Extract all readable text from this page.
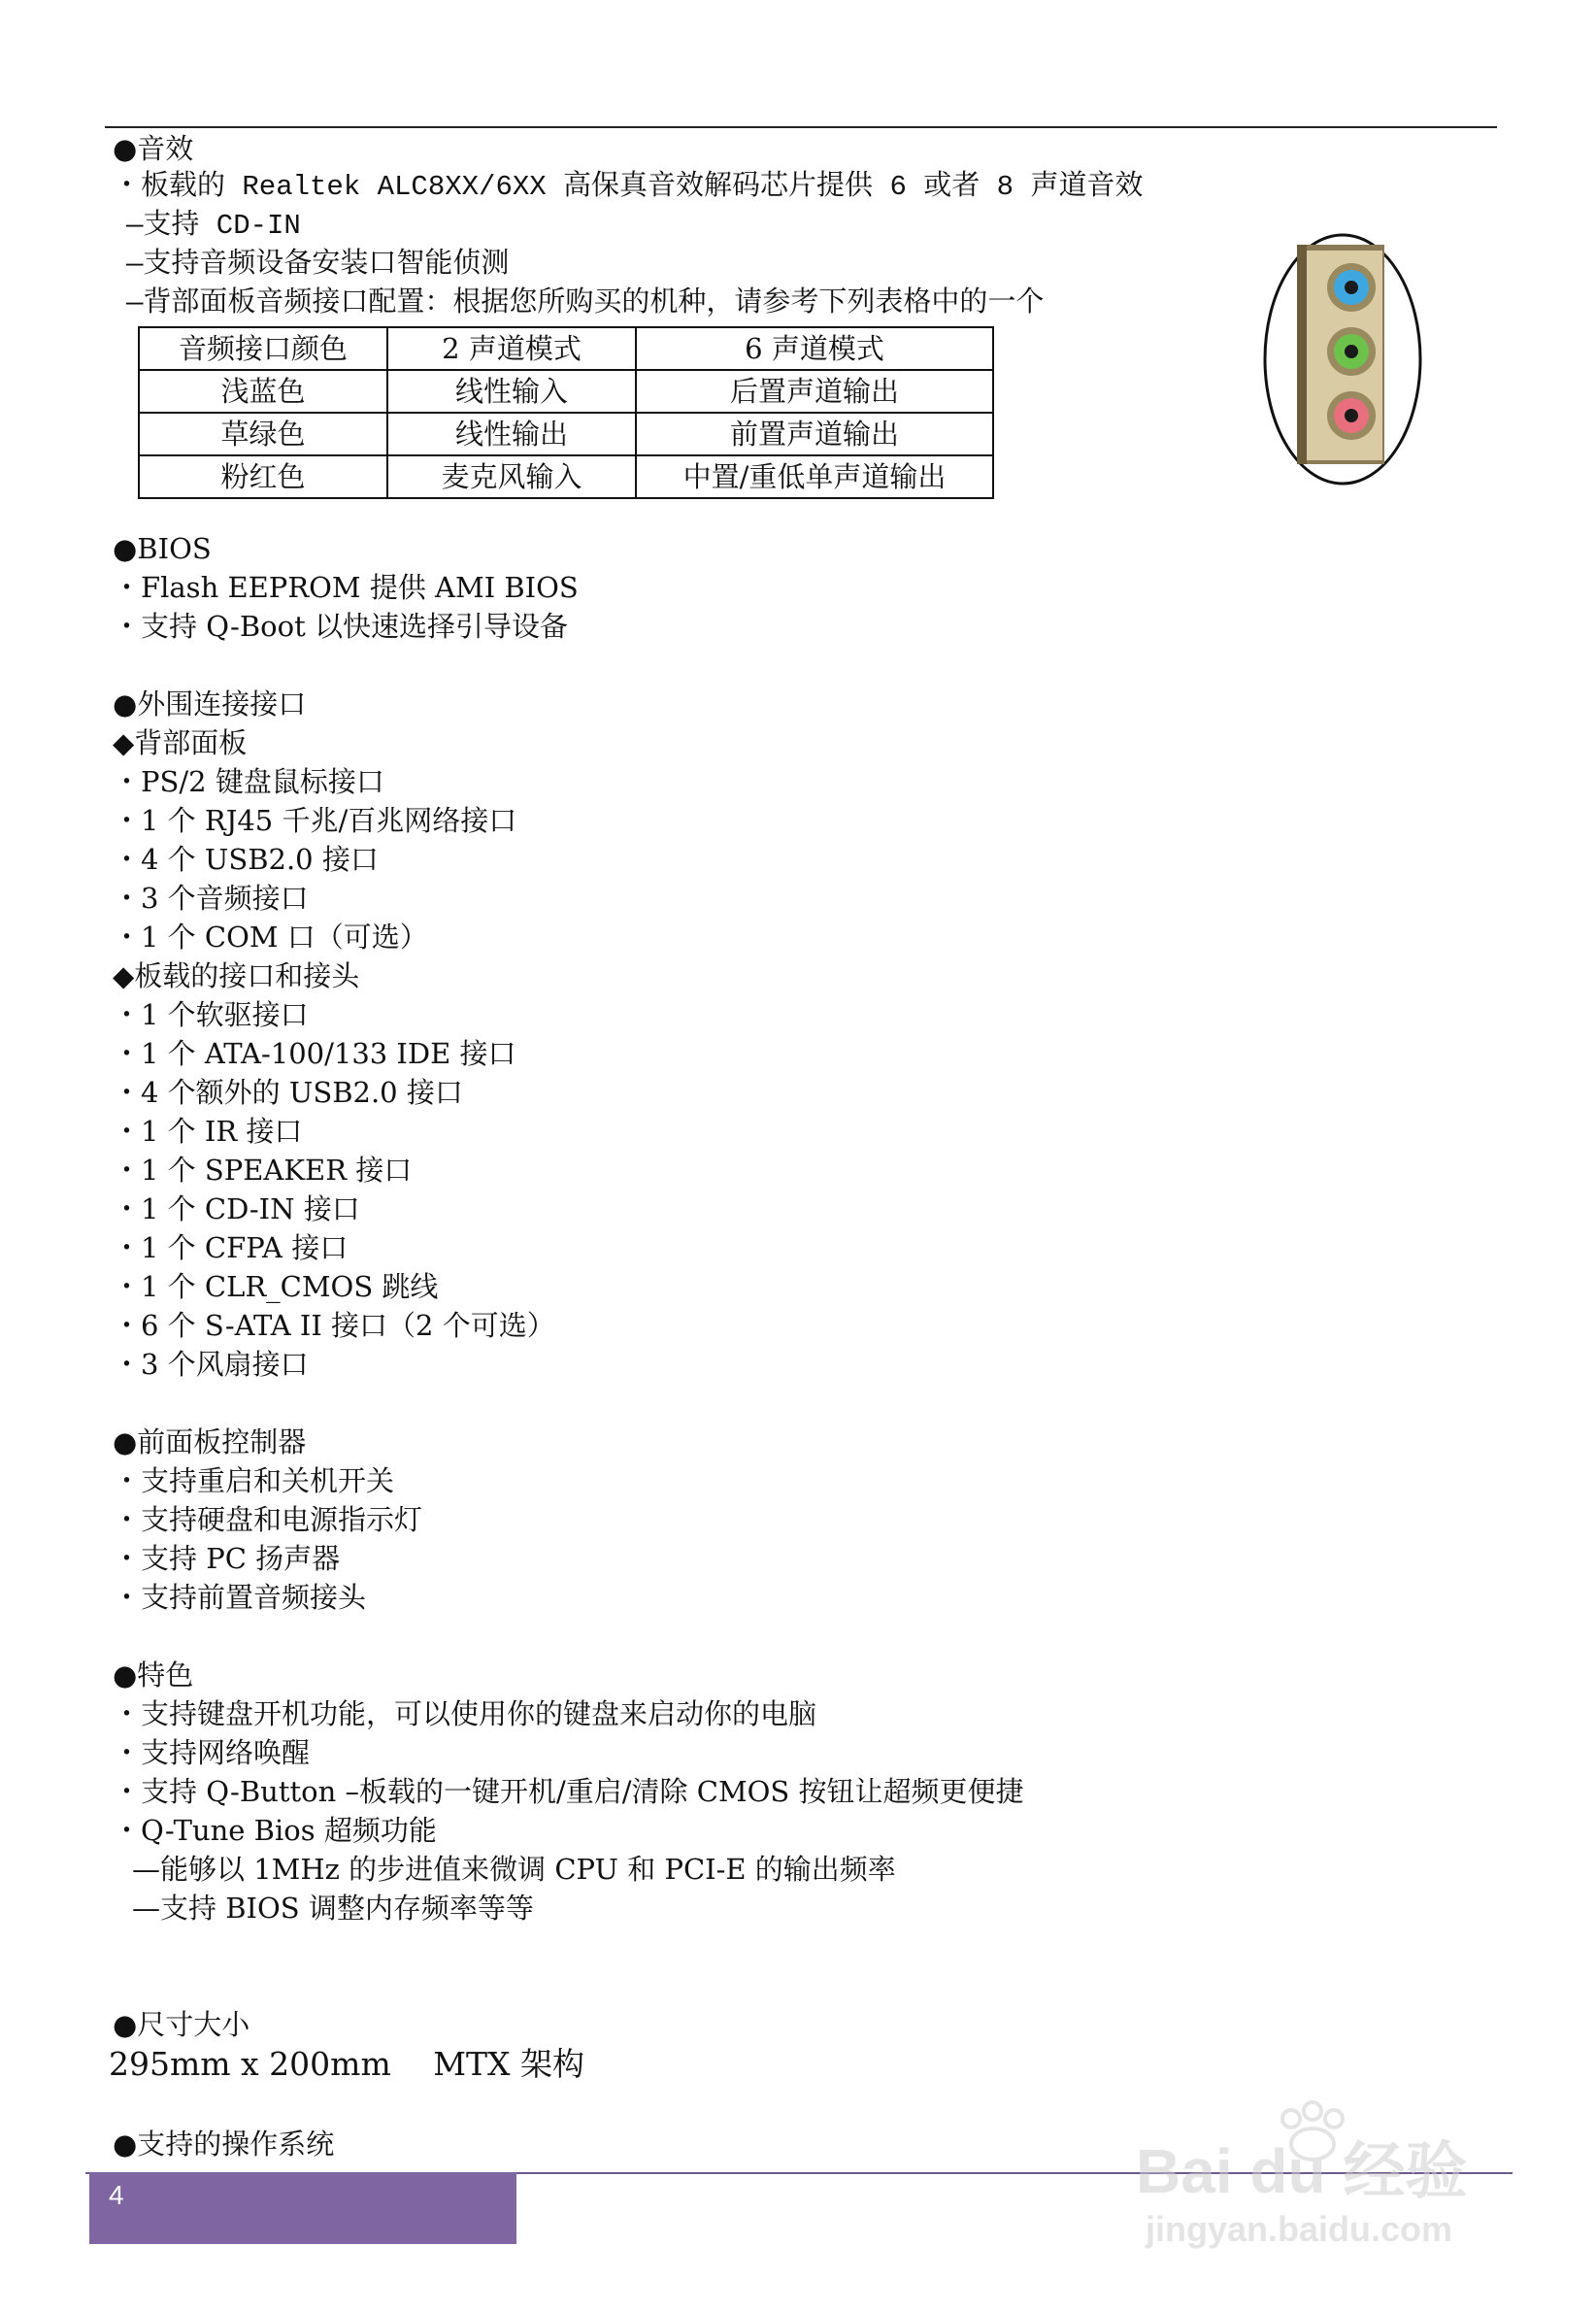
●音效
・板载的 Realtek ALC8XX/6XX 高保真音效解码芯片提供 6 或者 8 声道音效
—支持 CD-IN
—支持音频设备安装口智能侦测
—背部面板音频接口配置：根据您所购买的机种，请参考下列表格中的一个
音频接口颜色	2 声道模式	6 声道模式
浅蓝色	线性输入	后置声道输出
草绿色	线性输出	前置声道输出
粉红色	麦克风输入	中置/重低单声道输出
●BIOS
・Flash EEPROM 提供 AMI BIOS
・支持 Q-Boot 以快速选择引导设备
●外围连接接口
◆背部面板
・PS/2 键盘鼠标接口
・1 个 RJ45 千兆/百兆网络接口
・4 个 USB2.0 接口
・3 个音频接口
・1 个 COM 口（可选）
◆板载的接口和接头
・1 个软驱接口
・1 个 ATA-100/133 IDE 接口
・4 个额外的 USB2.0 接口
・1 个 IR 接口
・1 个 SPEAKER 接口
・1 个 CD-IN 接口
・1 个 CFPA 接口
・1 个 CLR_CMOS 跳线
・6 个 S-ATA II 接口（2 个可选）
・3 个风扇接口
●前面板控制器
・支持重启和关机开关
・支持硬盘和电源指示灯
・支持 PC 扬声器
・支持前置音频接头
●特色
・支持键盘开机功能，可以使用你的键盘来启动你的电脑
・支持网络唤醒
・支持 Q-Button –板载的一键开机/重启/清除 CMOS 按钮让超频更便捷
・Q-Tune Bios 超频功能
—能够以 1MHz 的步进值来微调 CPU 和 PCI-E 的输出频率
—支持 BIOS 调整内存频率等等
●尺寸大小
295mm x 200mm　 MTX 架构
●支持的操作系统
4	Bai du 经验
jingyan.baidu.com
